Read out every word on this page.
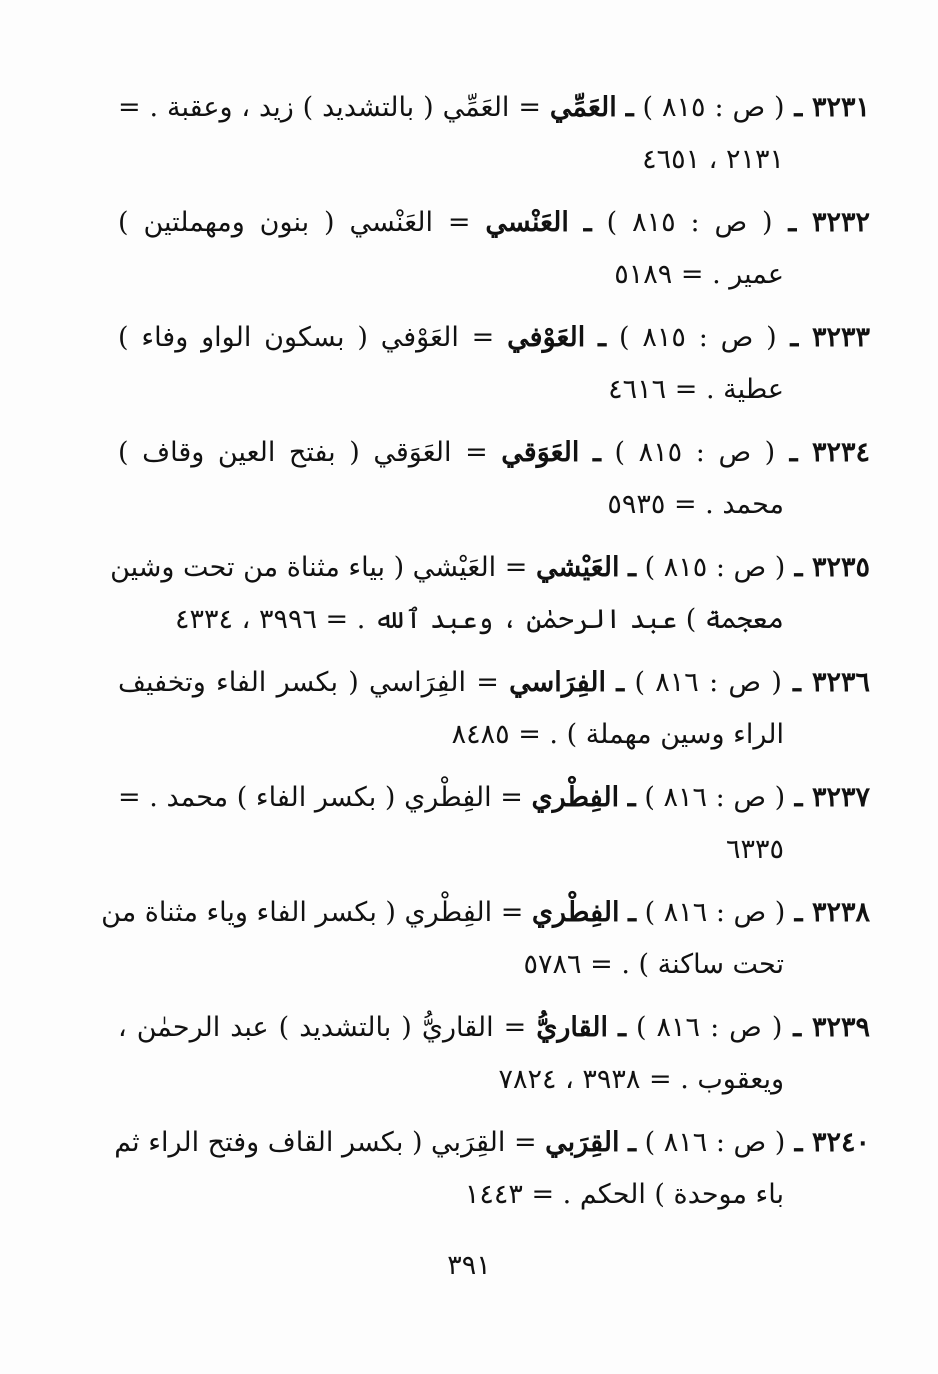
٣٢٣١ ـ ( ص : ٨١٥ ) ـ العَمِّي = العَمِّي ( بالتشديد ) زيد ، وعقبة . =
٢١٣١ ، ٤٦٥١
٣٢٣٢ ـ ( ص : ٨١٥ ) ـ العَنْسي = العَنْسي ( بنون ومهملتين )
عمير . = ٥١٨٩
٣٢٣٣ ـ ( ص : ٨١٥ ) ـ العَوْفي = العَوْفي ( بسكون الواو وفاء )
عطية . = ٤٦١٦
٣٢٣٤ ـ ( ص : ٨١٥ ) ـ العَوَقي = العَوَقي ( بفتح العين وقاف )
محمد . = ٥٩٣٥
٣٢٣٥ ـ ( ص : ٨١٥ ) ـ العَيْشي = العَيْشي ( بياء مثناة من تحت وشين
معجمة ) عبد الرحمٰن ، وعبد ٱلله . = ٣٩٩٦ ، ٤٣٣٤
٣٢٣٦ ـ ( ص : ٨١٦ ) ـ الفِرَاسي = الفِرَاسي ( بكسر الفاء وتخفيف
الراء وسين مهملة ) . = ٨٤٨٥
٣٢٣٧ ـ ( ص : ٨١٦ ) ـ الفِطْري = الفِطْري ( بكسر الفاء ) محمد . =
٦٣٣٥
٣٢٣٨ ـ ( ص : ٨١٦ ) ـ الفِطْري = الفِطْري ( بكسر الفاء وياء مثناة من
تحت ساكنة ) . = ٥٧٨٦
٣٢٣٩ ـ ( ص : ٨١٦ ) ـ القاريُّ = القاريُّ ( بالتشديد ) عبد الرحمٰن ،
ويعقوب . = ٣٩٣٨ ، ٧٨٢٤
٣٢٤٠ ـ ( ص : ٨١٦ ) ـ القِرَبي = القِرَبي ( بكسر القاف وفتح الراء ثم
باء موحدة ) الحكم . = ١٤٤٣
٣٩١
